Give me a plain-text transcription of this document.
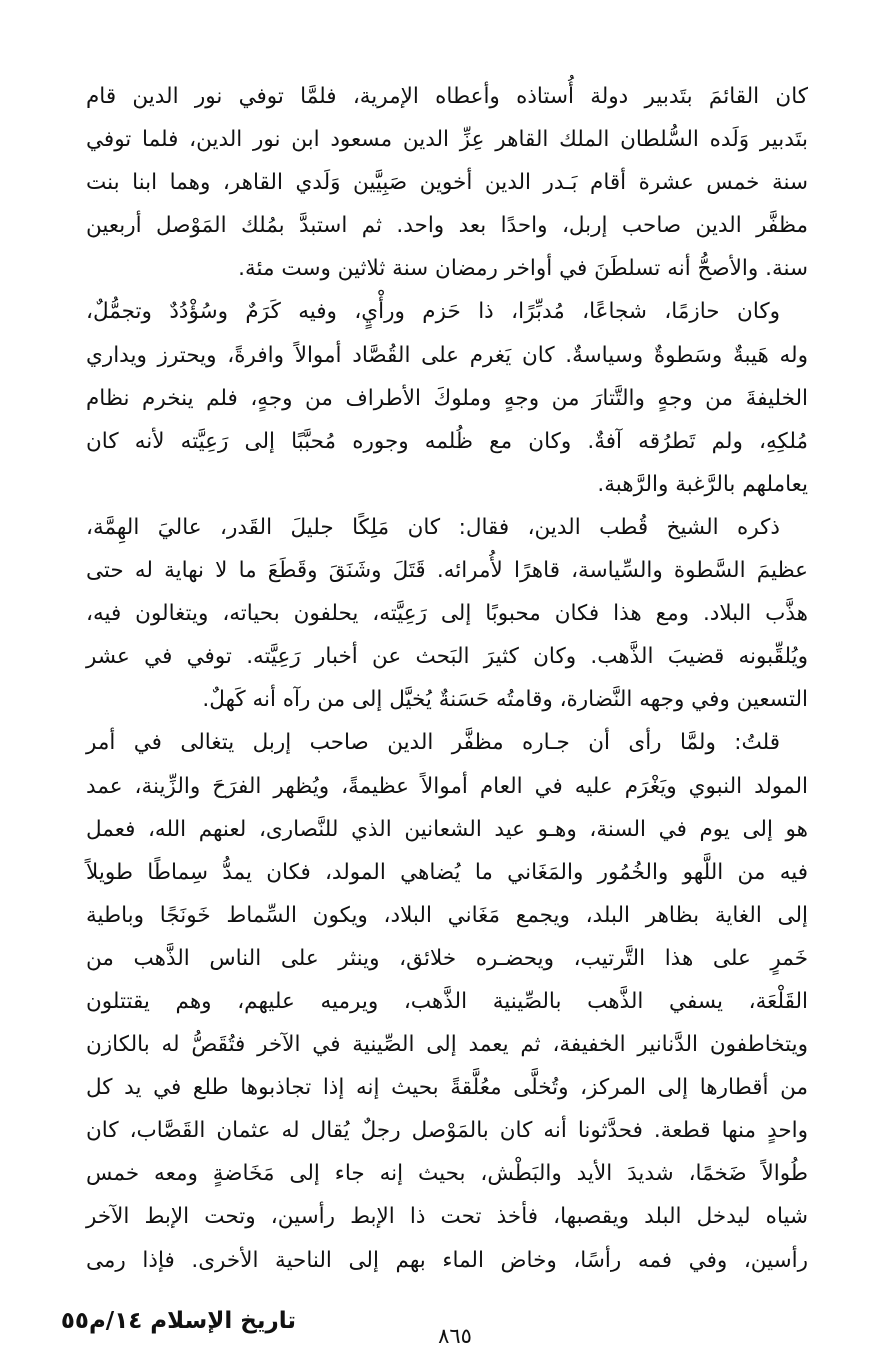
كان القائمَ بتَدبير دولة أُستاذه وأعطاه الإمرية، فلمَّا توفي نور الدين قام
بتَدبير وَلَده السُّلطان الملك القاهر عِزِّ الدين مسعود ابن نور الدين، فلما توفي
سنة خمس عشرة أقام بَـدر الدين أخوين صَبِيَّين وَلَدي القاهر، وهما ابنا بنت
مظفَّر الدين صاحب إربل، واحدًا بعد واحد. ثم استبدَّ بمُلك المَوْصل أربعين
سنة. والأصحُّ أنه تسلطَنَ في أواخر رمضان سنة ثلاثين وست مئة.
وكان حازمًا، شجاعًا، مُدبِّرًا، ذا حَزم ورأْيٍ، وفيه كَرَمٌ وسُؤْدُدٌ وتجمُّلٌ،
وله هَيبةٌ وسَطوةٌ وسياسةٌ. كان يَغرم على القُصَّاد أموالاً وافرةً، ويحترز ويداري
الخليفةَ من وجهٍ والتَّتارَ من وجهٍ وملوكَ الأطراف من وجهٍ، فلم ينخرم نظام
مُلكِهِ، ولم تَطرُقه آفةٌ. وكان مع ظُلمه وجوره مُحبَّبًا إلى رَعِيَّته لأنه كان
يعاملهم بالرَّغبة والرَّهبة.
ذكره الشيخ قُطب الدين، فقال: كان مَلِكًا جليلَ القَدر، عاليَ الهِمَّة،
عظيمَ السَّطوة والسِّياسة، قاهرًا لأُمرائه. قَتَلَ وشَنَقَ وقَطَعَ ما لا نهاية له حتى
هذَّب البلاد. ومع هذا فكان محبوبًا إلى رَعِيَّته، يحلفون بحياته، ويتغالون فيه،
ويُلقِّبونه قضيبَ الذَّهب. وكان كثيرَ البَحث عن أخبار رَعِيَّته. توفي في عشر
التسعين وفي وجهه النَّضارة، وقامتُه حَسَنةٌ يُخيَّل إلى من رآه أنه كَهلٌ.
قلتُ: ولمَّا رأى أن جـاره مظفَّر الدين صاحب إربل يتغالى في أمر
المولد النبوي ويَغْرَم عليه في العام أموالاً عظيمةً، ويُظهر الفرَحَ والزِّينة، عمد
هو إلى يوم في السنة، وهـو عيد الشعانين الذي للنَّصارى، لعنهم الله، فعمل
فيه من اللَّهو والخُمُور والمَغَاني ما يُضاهي المولد، فكان يمدُّ سِماطًا طويلاً
إلى الغاية بظاهر البلد، ويجمع مَغَاني البلاد، ويكون السِّماط خَونَجًا وباطية
خَمرٍ على هذا التَّرتيب، ويحضـره خلائق، وينثر على الناس الذَّهب من
القَلْعَة، يسفي الذَّهب بالصِّينية الذَّهب، ويرميه عليهم، وهم يقتتلون
ويتخاطفون الدَّنانير الخفيفة، ثم يعمد إلى الصِّينية في الآخر فتُقَصُّ له بالكازن
من أقطارها إلى المركز، وتُخلَّى معُلَّقةً بحيث إنه إذا تجاذبوها طلع في يد كل
واحدٍ منها قطعة. فحدَّثونا أنه كان بالمَوْصل رجلٌ يُقال له عثمان القَصَّاب، كان
طُوالاً ضَخمًا، شديدَ الأيد والبَطْش، بحيث إنه جاء إلى مَخَاضةٍ ومعه خمس
شياه ليدخل البلد ويقصبها، فأخذ تحت ذا الإبط رأسين، وتحت الإبط الآخر
رأسين، وفي فمه رأسًا، وخاض الماء بهم إلى الناحية الأخرى. فإذا رمى
٨٦٥
تاريخ الإسلام ١٤/م٥٥
